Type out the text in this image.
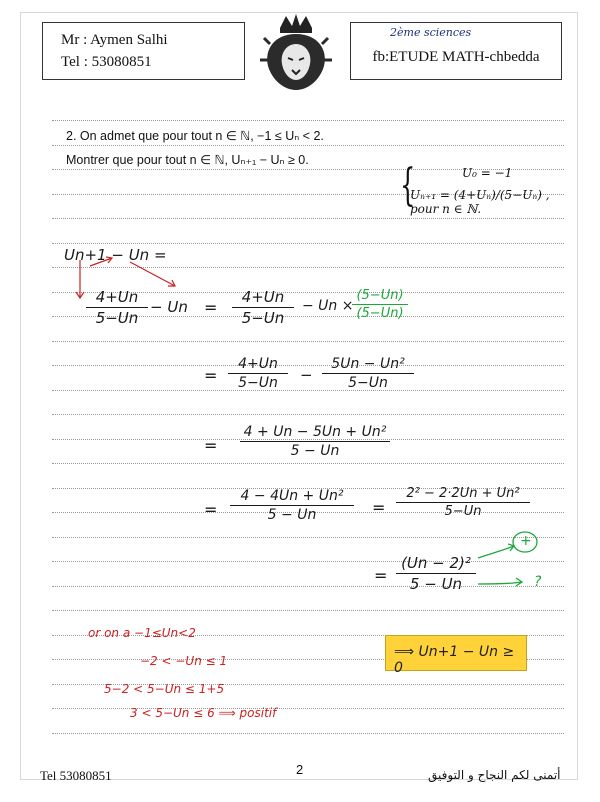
Mr : Aymen Salhi
Tel : 53080851
2ème sciences
fb:ETUDE MATH-chbedda
2. On admet que pour tout n ∈ ℕ, −1 ≤ Uₙ < 2.
Montrer que pour tout n ∈ ℕ, Uₙ₊₁ − Uₙ ≥ 0. {	U₀ = −1
Uₙ₊₁ = (4+Uₙ)/(5−Uₙ) , pour n ∈ ℕ.
Un+1 − Un =
4+Un
5−Un
− Un =
4+Un
5−Un
− Un ×
(5−Un)
(5−Un)
=
4+Un
5−Un	−
5Un − Un²
5−Un
=
4 + Un − 5Un + Un²
5 − Un
=
4 − 4Un + Un²
5 − Un	=
2² − 2·2Un + Un²
5−Un
=
(Un − 2)²
5 − Un
+
?
or on a −1≤Un<2
−2 < −Un ≤ 1
5−2 < 5−Un ≤ 1+5
3 < 5−Un ≤ 6 ⟹ positif
⟹ Un+1 − Un ≥ 0
Tel 53080851	2	أتمنى لكم النجاح و التوفيق
